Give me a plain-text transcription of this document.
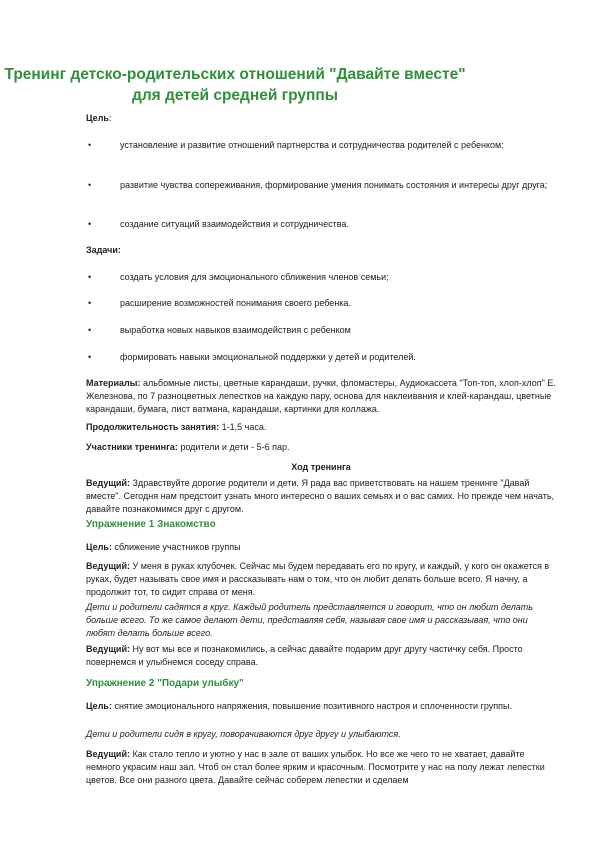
Тренинг детско-родительских отношений "Давайте вместе" для детей средней группы
Цель:
•	установление и развитие отношений партнерства и сотрудничества родителей с ребенком;
•	развитие чувства сопереживания, формирование умения понимать состояния и интересы друг друга;
•	создание ситуаций взаимодействия и сотрудничества.
Задачи:
•	создать условия для эмоционального сближения членов семьи;
•	расширение возможностей понимания своего ребенка.
•	выработка новых навыков взаимодействия с ребенком
•	формировать навыки эмоциональной поддержки у детей и родителей.
Материалы: альбомные листы, цветные карандаши, ручки, фломастеры, Аудиокассета "Топ-топ, хлоп-хлоп" Е. Железнова, по 7 разноцветных лепестков на каждую пару, основа для наклеивания и клей-карандаш, цветные карандаши, бумага, лист ватмана, карандаши, картинки для коллажа.
Продолжительность занятия: 1-1,5 часа.
Участники тренинга: родители и дети - 5-6 пар.
Ход тренинга
Ведущий: Здравствуйте дорогие родители и дети. Я рада вас приветствовать на нашем тренинге "Давай вместе". Сегодня нам предстоит узнать много интересно о ваших семьях и о вас самих. Но прежде чем начать, давайте познакомимся друг с другом.
Упражнение 1 Знакомство
Цель: сближение участников группы
Ведущий: У меня в руках клубочек. Сейчас мы будем передавать его по кругу, и каждый, у кого он окажется в руках, будет называть свое имя и рассказывать нам о том, что он любит делать больше всего. Я начну, а продолжит тот, то сидит справа от меня.
Дети и родители садятся в круг. Каждый родитель представляется и говорит, что он любит делать больше всего. То же самое делают дети, представляя себя, называя свое имя и рассказывая, что они любят делать больше всего.
Ведущий: Ну вот мы все и познакомились, а сейчас давайте подарим друг другу частичку себя. Просто повернемся и улыбнемся соседу справа.
Упражнение 2 "Подари улыбку"
Цель: снятие эмоционального напряжения, повышение позитивного настроя и сплоченности группы.
Дети и родители сидя в кругу, поворачиваются друг другу и улыбаются.
Ведущий: Как стало тепло и уютно у нас в зале от ваших улыбок. Но все же чего то не хватает, давайте немного украсим наш зал. Чтоб он стал более ярким и красочным. Посмотрите у нас на полу лежат лепестки цветов. Все они разного цвета. Давайте сейчас соберем лепестки и сделаем
